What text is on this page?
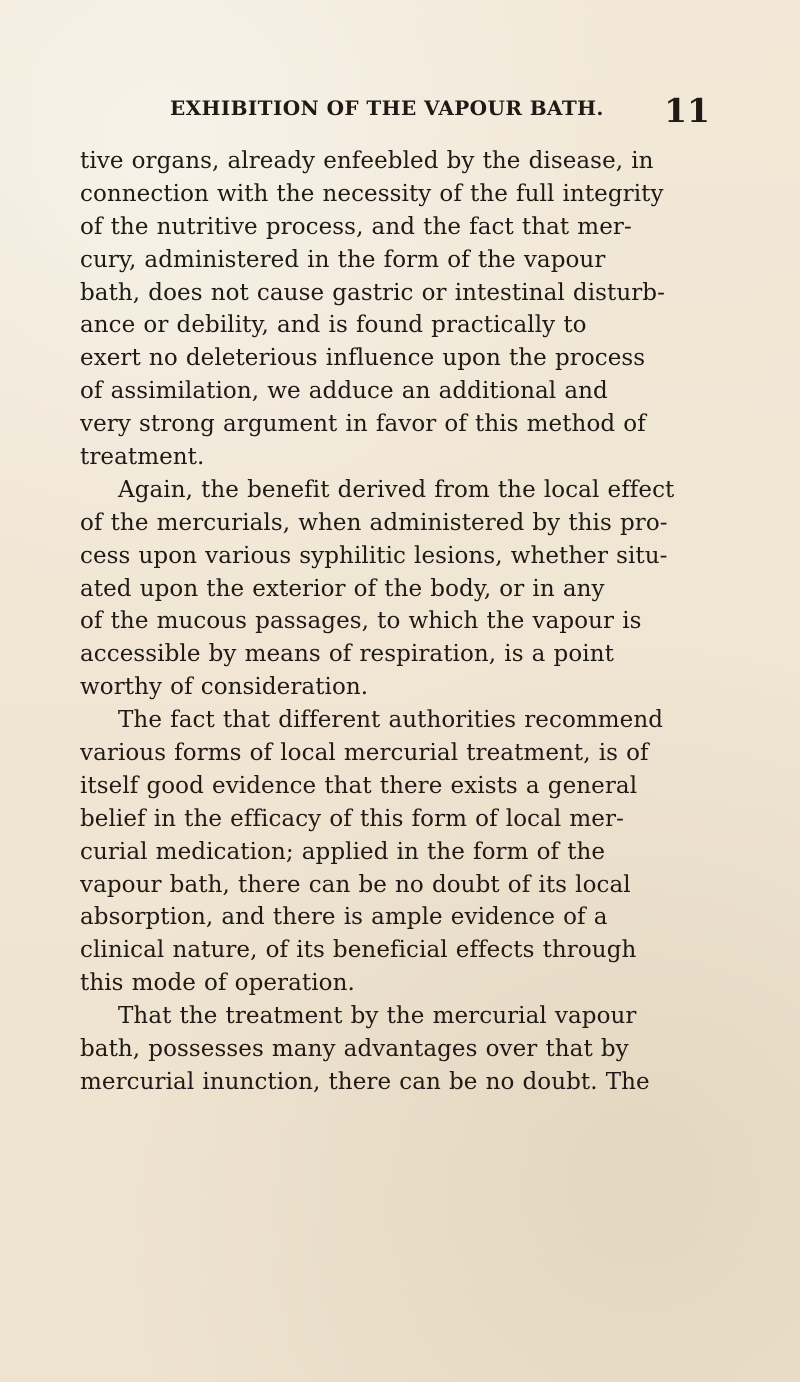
EXHIBITION OF THE VAPOUR BATH. 11
tive organs, already enfeebled by the disease, in
connection with the necessity of the full integrity
of the nutritive process, and the fact that mer-
cury, administered in the form of the vapour
bath, does not cause gastric or intestinal disturb-
ance or debility, and is found practically to
exert no deleterious influence upon the process
of assimilation, we adduce an additional and
very strong argument in favor of this method of
treatment.
Again, the benefit derived from the local effect
of the mercurials, when administered by this pro-
cess upon various syphilitic lesions, whether situ-
ated upon the exterior of the body, or in any
of the mucous passages, to which the vapour is
accessible by means of respiration, is a point
worthy of consideration.
The fact that different authorities recommend
various forms of local mercurial treatment, is of
itself good evidence that there exists a general
belief in the efficacy of this form of local mer-
curial medication; applied in the form of the
vapour bath, there can be no doubt of its local
absorption, and there is ample evidence of a
clinical nature, of its beneficial effects through
this mode of operation.
That the treatment by the mercurial vapour
bath, possesses many advantages over that by
mercurial inunction, there can be no doubt. The
